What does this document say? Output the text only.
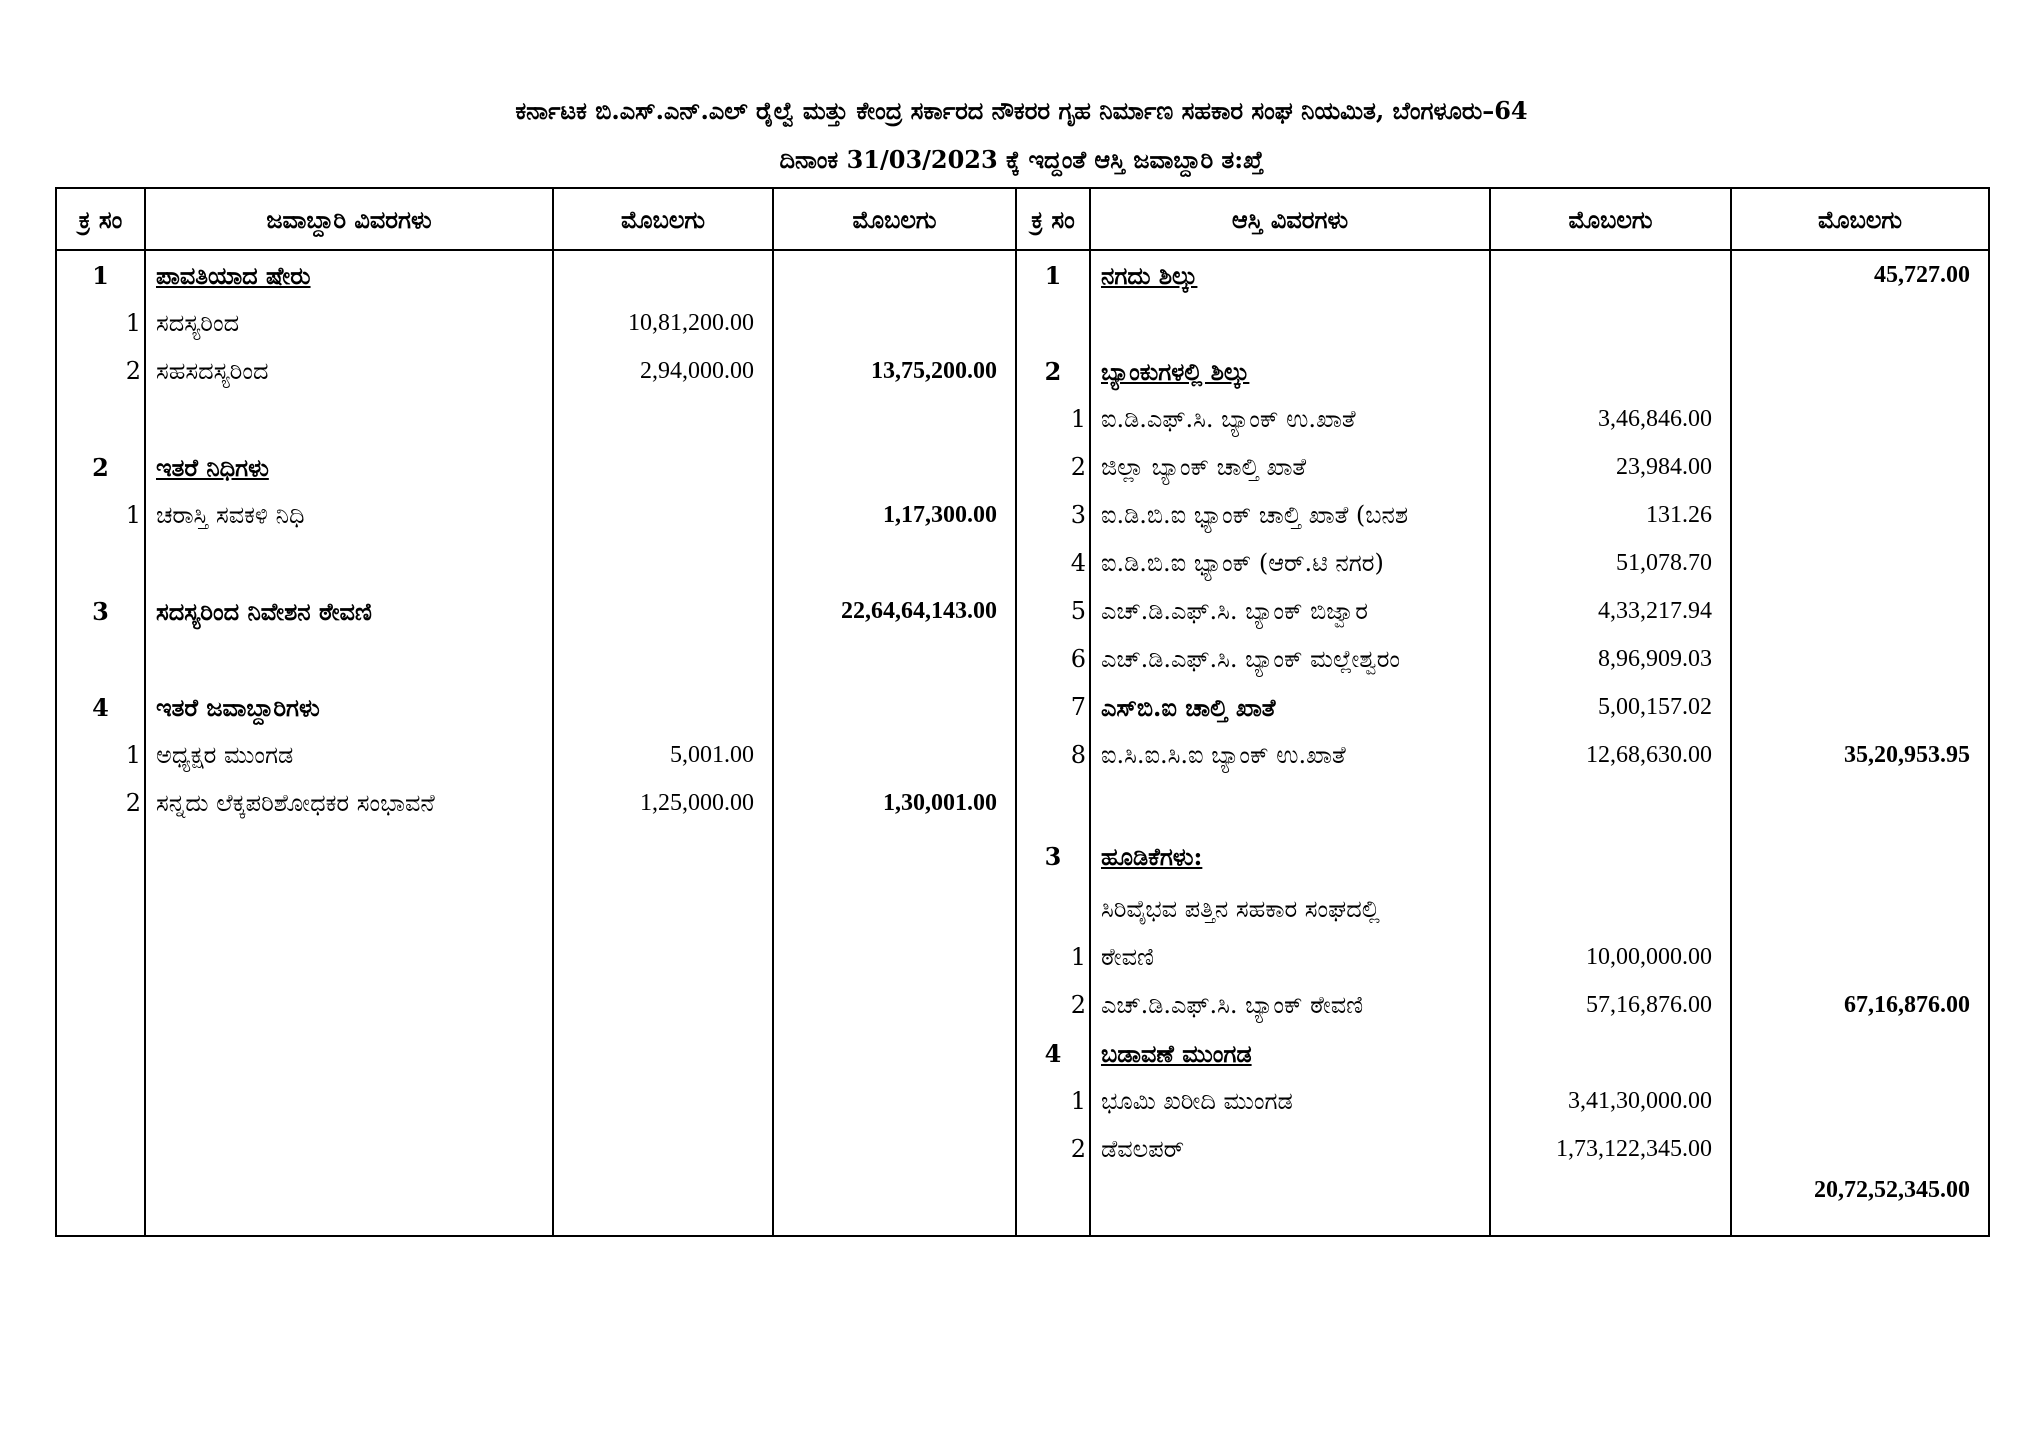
ಕರ್ನಾಟಕ ಬಿ.ಎಸ್.ಎನ್.ಎಲ್ ರೈಲ್ವೆ ಮತ್ತು ಕೇಂದ್ರ ಸರ್ಕಾರದ ನೌಕರರ ಗೃಹ ನಿರ್ಮಾಣ ಸಹಕಾರ ಸಂಘ ನಿಯಮಿತ, ಬೆಂಗಳೂರು–64
ದಿನಾಂಕ 31/03/2023 ಕ್ಕೆ ಇದ್ದಂತೆ ಆಸ್ತಿ ಜವಾಬ್ದಾರಿ ತ:ಖ್ತೆ
ಕ್ರ ಸಂ	ಜವಾಬ್ದಾರಿ ವಿವರಗಳು	ಮೊಬಲಗು	ಮೊಬಲಗು	ಕ್ರ ಸಂ	ಆಸ್ತಿ ವಿವರಗಳು	ಮೊಬಲಗು	ಮೊಬಲಗು
1	ಪಾವತಿಯಾದ ಷೇರು			1	ನಗದು ಶಿಲ್ಕು		45,727.00
1	ಸದಸ್ಯರಿಂದ	10,81,200.00					
2	ಸಹಸದಸ್ಯರಿಂದ	2,94,000.00	13,75,200.00	2	ಬ್ಯಾಂಕುಗಳಲ್ಲಿ ಶಿಲ್ಕು		
				1	ಐ.ಡಿ.ಎಫ್.ಸಿ. ಬ್ಯಾಂಕ್ ಉ.ಖಾತೆ	3,46,846.00	
2	ಇತರೆ ನಿಧಿಗಳು			2	ಜಿಲ್ಲಾ ಬ್ಯಾಂಕ್ ಚಾಲ್ತಿ ಖಾತೆ	23,984.00	
1	ಚರಾಸ್ತಿ ಸವಕಳಿ ನಿಧಿ		1,17,300.00	3	ಐ.ಡಿ.ಬಿ.ಐ ಭ್ಯಾಂಕ್ ಚಾಲ್ತಿ ಖಾತೆ (ಬನಶ	131.26	
				4	ಐ.ಡಿ.ಬಿ.ಐ ಭ್ಯಾಂಕ್ (ಆರ್.ಟಿ ನಗರ)	51,078.70	
3	ಸದಸ್ಯರಿಂದ ನಿವೇಶನ ಠೇವಣಿ		22,64,64,143.00	5	ಎಚ್.ಡಿ.ಎಫ್.ಸಿ. ಬ್ಯಾಂಕ್ ಬಿಜ್ವಾರ	4,33,217.94	
				6	ಎಚ್.ಡಿ.ಎಫ್.ಸಿ. ಬ್ಯಾಂಕ್ ಮಲ್ಲೇಶ್ವರಂ	8,96,909.03	
4	ಇತರೆ ಜವಾಬ್ದಾರಿಗಳು			7	ಎಸ್‌ಬಿ.ಐ ಚಾಲ್ತಿ ಖಾತೆ	5,00,157.02	
1	ಅಧ್ಯಕ್ಷರ ಮುಂಗಡ	5,001.00		8	ಐ.ಸಿ.ಐ.ಸಿ.ಐ ಬ್ಯಾಂಕ್ ಉ.ಖಾತೆ	12,68,630.00	35,20,953.95
2	ಸನ್ನದು ಲೆಕ್ಕಪರಿಶೋಧಕರ ಸಂಭಾವನೆ	1,25,000.00	1,30,001.00				
				3	ಹೂಡಿಕೆಗಳು:		
					ಸಿರಿವೈಭವ ಪತ್ತಿನ ಸಹಕಾರ ಸಂಘದಲ್ಲಿ		
				1	ಠೇವಣಿ	10,00,000.00	
				2	ಎಚ್.ಡಿ.ಎಫ್.ಸಿ. ಬ್ಯಾಂಕ್ ಠೇವಣಿ	57,16,876.00	67,16,876.00
				4	ಬಡಾವಣೆ ಮುಂಗಡ		
				1	ಭೂಮಿ ಖರೀದಿ ಮುಂಗಡ	3,41,30,000.00	
				2	ಡೆವಲಪರ್	1,73,122,345.00	
							20,72,52,345.00
